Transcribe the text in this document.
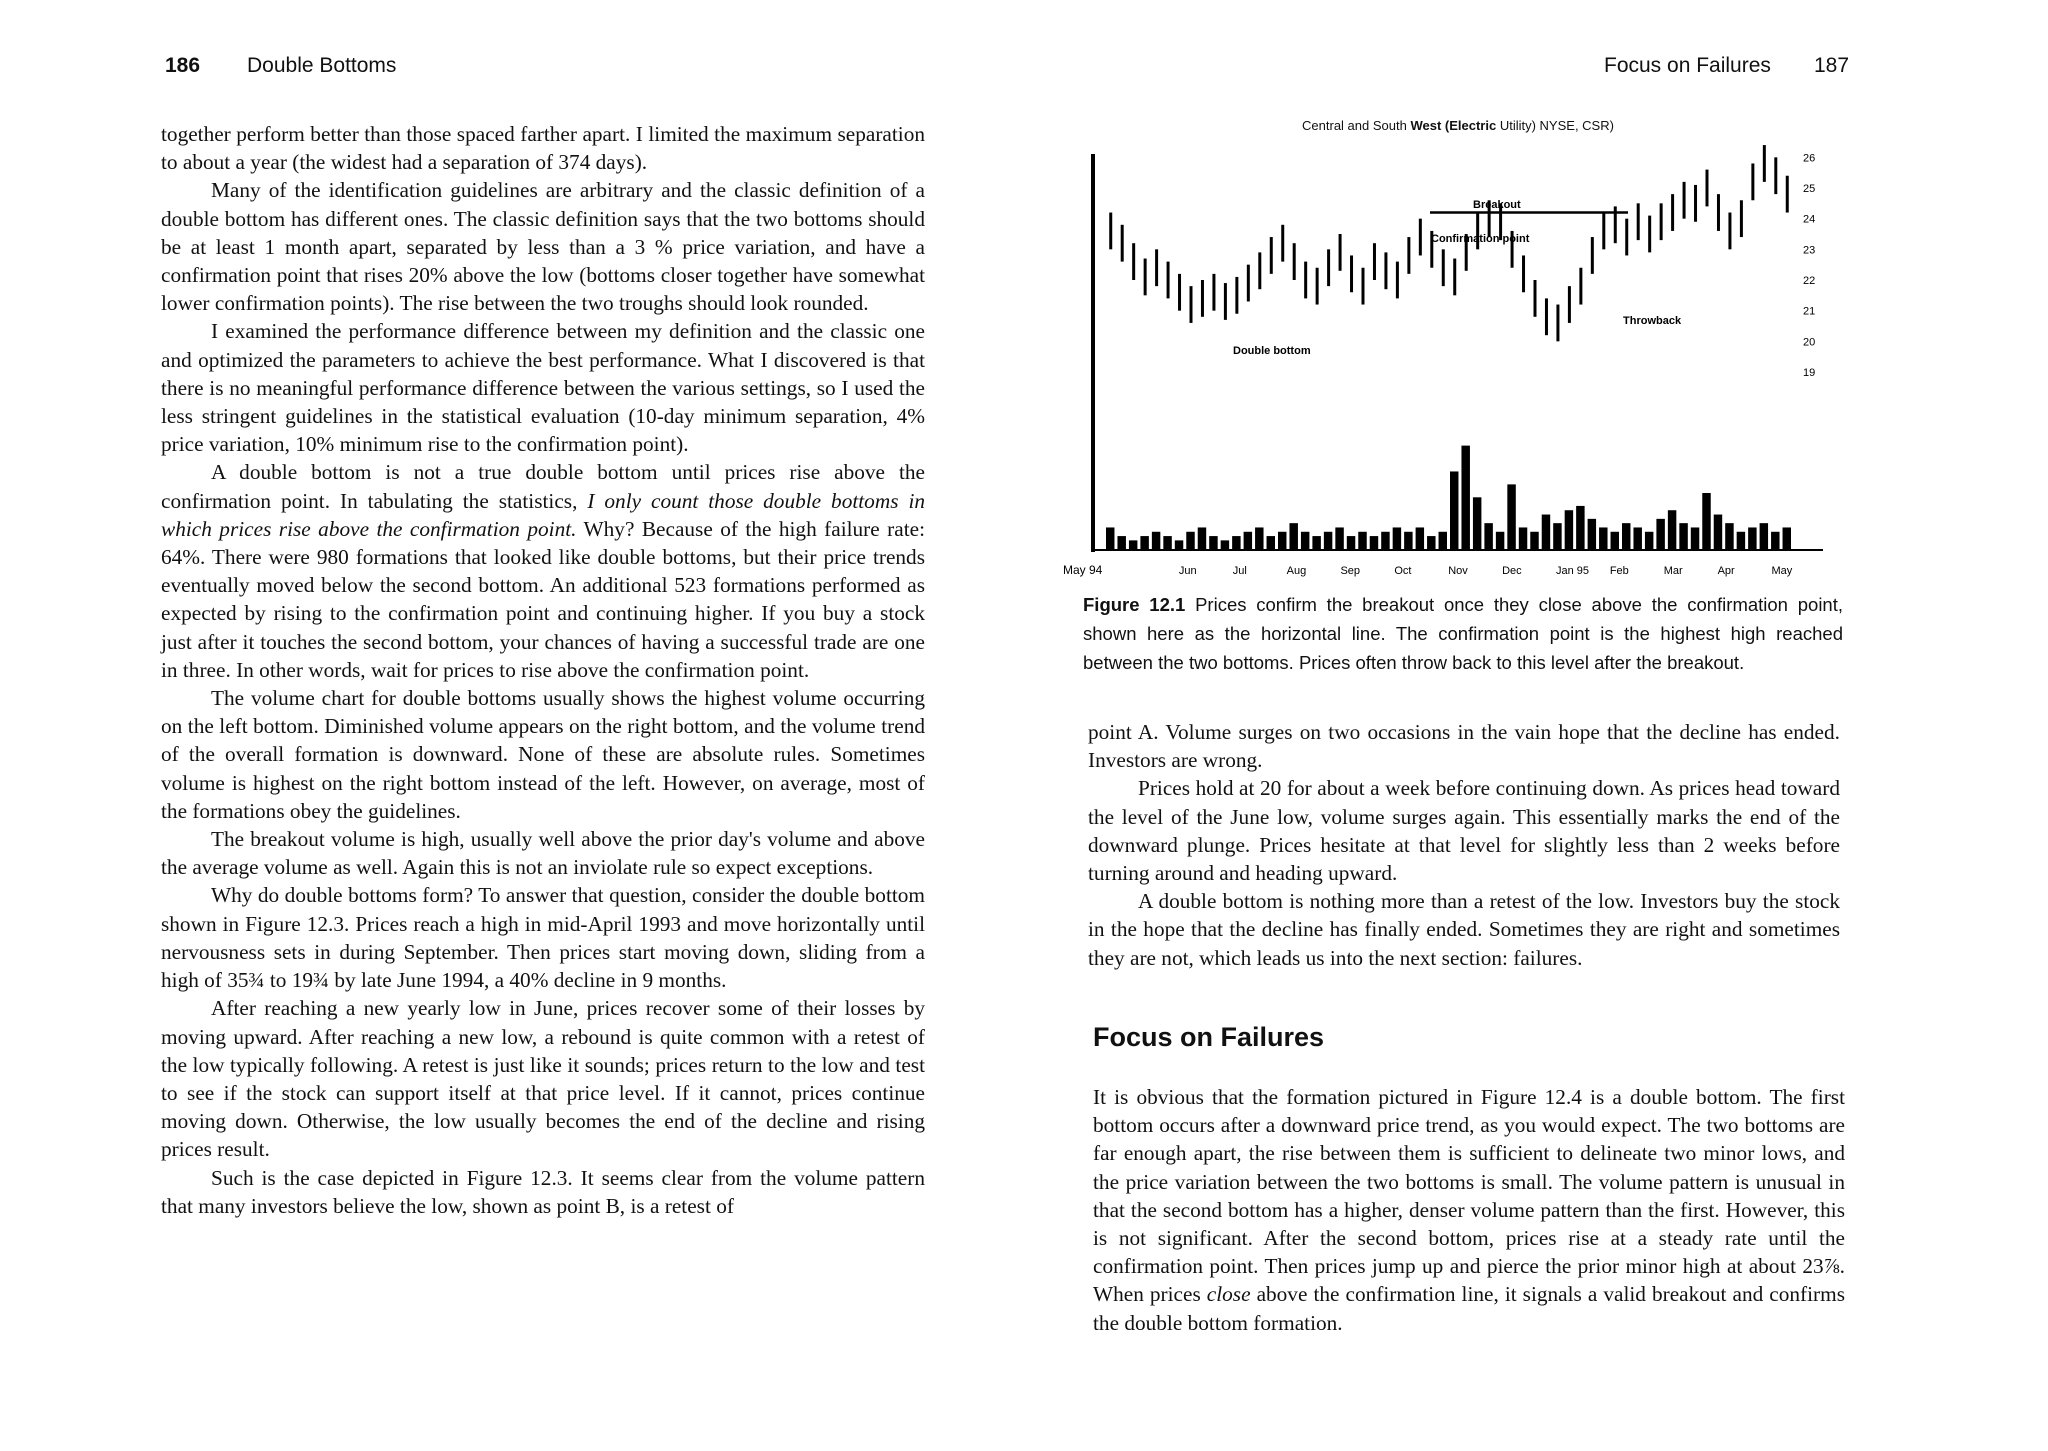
186 Double Bottoms

together perform better than those spaced farther apart. I limited the maximum separation to about a year (the widest had a separation of 374 days).

Many of the identification guidelines are arbitrary and the classic definition of a double bottom has different ones. The classic definition says that the two bottoms should be at least 1 month apart, separated by less than a 3 % price variation, and have a confirmation point that rises 20% above the low (bottoms closer together have somewhat lower confirmation points). The rise between the two troughs should look rounded.

I examined the performance difference between my definition and the classic one and optimized the parameters to achieve the best performance. What I discovered is that there is no meaningful performance difference between the various settings, so I used the less stringent guidelines in the statistical evaluation (10-day minimum separation, 4% price variation, 10% minimum rise to the confirmation point).

A double bottom is not a true double bottom until prices rise above the confirmation point. In tabulating the statistics, I only count those double bottoms in which prices rise above the confirmation point. Why? Because of the high failure rate: 64%. There were 980 formations that looked like double bottoms, but their price trends eventually moved below the second bottom. An additional 523 formations performed as expected by rising to the confirmation point and continuing higher. If you buy a stock just after it touches the second bottom, your chances of having a successful trade are one in three. In other words, wait for prices to rise above the confirmation point.

The volume chart for double bottoms usually shows the highest volume occurring on the left bottom. Diminished volume appears on the right bottom, and the volume trend of the overall formation is downward. None of these are absolute rules. Sometimes volume is highest on the right bottom instead of the left. However, on average, most of the formations obey the guidelines.

The breakout volume is high, usually well above the prior day's volume and above the average volume as well. Again this is not an inviolate rule so expect exceptions.

Why do double bottoms form? To answer that question, consider the double bottom shown in Figure 12.3. Prices reach a high in mid-April 1993 and move horizontally until nervousness sets in during September. Then prices start moving down, sliding from a high of 35¾ to 19¾ by late June 1994, a 40% decline in 9 months.

After reaching a new yearly low in June, prices recover some of their losses by moving upward. After reaching a new low, a rebound is quite common with a retest of the low typically following. A retest is just like it sounds; prices return to the low and test to see if the stock can support itself at that price level. If it cannot, prices continue moving down. Otherwise, the low usually becomes the end of the decline and rising prices result.

Such is the case depicted in Figure 12.3. It seems clear from the volume pattern that many investors believe the low, shown as point B, is a retest of

Focus on Failures 187
Central and South West (Electric Utility) NYSE, CSR)
Breakout
Confirmation point
Throwback
Double bottom
19
20
21
22
23
24
25
26
May 94	Jun	Jul	Aug	Sep	Oct	Nov	Dec	Jan 95 Feb	Mar	Apr	May
Figure 12.1 Prices confirm the breakout once they close above the confirmation point, shown here as the horizontal line. The confirmation point is the highest high reached between the two bottoms. Prices often throw back to this level after the breakout.

point A. Volume surges on two occasions in the vain hope that the decline has ended. Investors are wrong.

Prices hold at 20 for about a week before continuing down. As prices head toward the level of the June low, volume surges again. This essentially marks the end of the downward plunge. Prices hesitate at that level for slightly less than 2 weeks before turning around and heading upward.

A double bottom is nothing more than a retest of the low. Investors buy the stock in the hope that the decline has finally ended. Sometimes they are right and sometimes they are not, which leads us into the next section: failures.

Focus on Failures

It is obvious that the formation pictured in Figure 12.4 is a double bottom. The first bottom occurs after a downward price trend, as you would expect. The two bottoms are far enough apart, the rise between them is sufficient to delineate two minor lows, and the price variation between the two bottoms is small. The volume pattern is unusual in that the second bottom has a higher, denser volume pattern than the first. However, this is not significant. After the second bottom, prices rise at a steady rate until the confirmation point. Then prices jump up and pierce the prior minor high at about 23⅞. When prices close above the confirmation line, it signals a valid breakout and confirms the double bottom formation.
